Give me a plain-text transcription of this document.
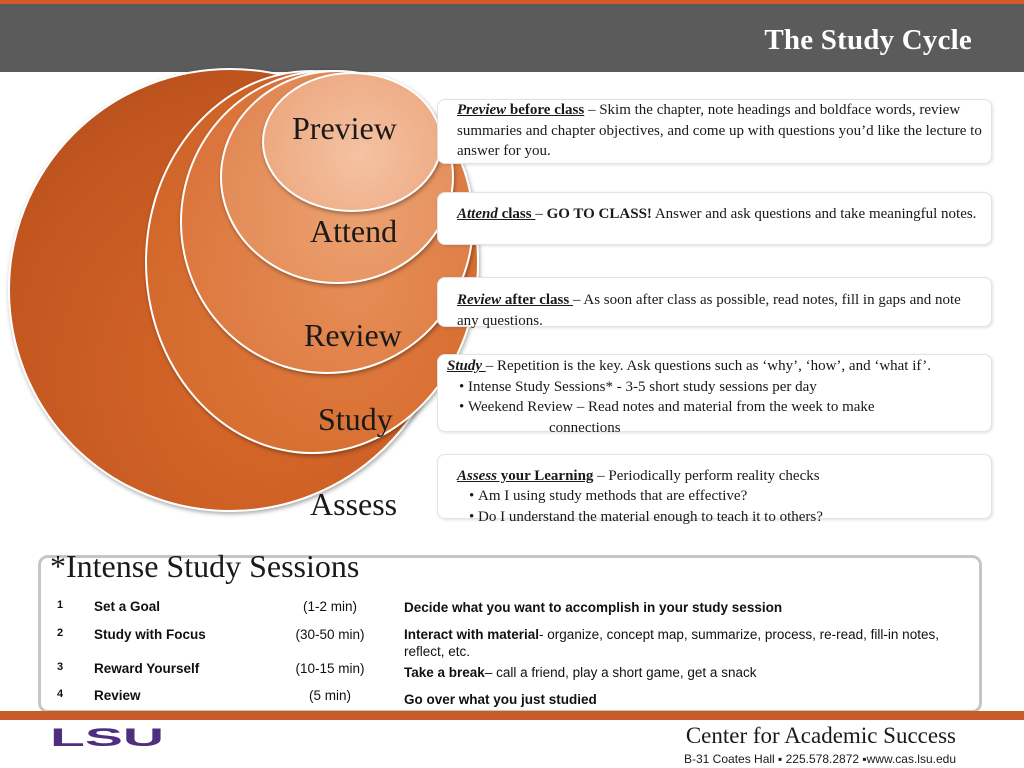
The Study Cycle
Preview
Attend
Review
Study
Assess
Preview before class – Skim the chapter, note headings and boldface words, review summaries and chapter objectives, and come up with questions you’d like the lecture to answer for you.
Attend class – GO TO CLASS! Answer and ask questions and take meaningful notes.
Review after class – As soon after class as possible, read notes, fill in gaps and note any questions.
Study – Repetition is the key. Ask questions such as ‘why’, ‘how’, and ‘what if’.
• Intense Study Sessions* - 3-5 short study sessions per day
• Weekend Review – Read notes and material from the week to make
connections
Assess your Learning – Periodically perform reality checks
• Am I using study methods that are effective?
• Do I understand the material enough to teach it to others?
*Intense Study Sessions
1 Set a Goal	(1-2 min)	Decide what you want to accomplish in your study session
2 Study with Focus	(30-50 min)	Interact with material- organize, concept map, summarize, process, re-read, fill-in notes, reflect, etc.
3 Reward Yourself	(10-15 min)	Take a break– call a friend, play a short game, get a snack
4 Review	(5 min)	Go over what you just studied
LSU	Center for Academic Success
B-31 Coates Hall ▪ 225.578.2872 ▪www.cas.lsu.edu
